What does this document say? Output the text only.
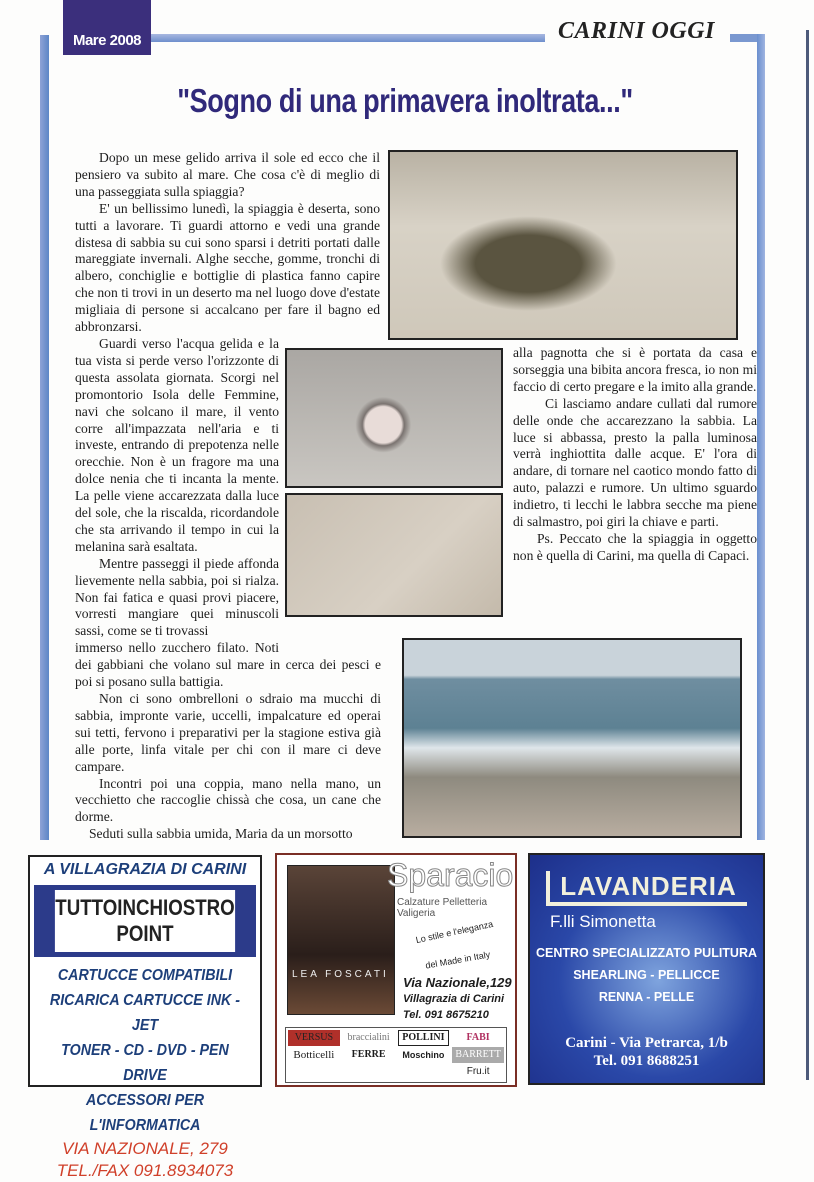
Mare 2008	CARINI OGGI
"Sogno di una primavera inoltrata..."

Dopo un mese gelido arriva il sole ed ecco che il pensiero va subito al mare. Che cosa c'è di meglio di una passeggiata sulla spiaggia?

E' un bellissimo lunedì, la spiaggia è deserta, sono tutti a lavorare. Ti guardi attorno e vedi una grande distesa di sabbia su cui sono sparsi i detriti portati dalle mareggiate invernali. Alghe secche, gomme, tronchi di albero, conchiglie e bottiglie di plastica fanno capire che non ti trovi in un deserto ma nel luogo dove d'estate migliaia di persone si accalcano per fare il bagno ed abbronzarsi.

Guardi verso l'acqua gelida e la tua vista si perde verso l'orizzonte di questa assolata giornata. Scorgi nel promontorio Isola delle Femmine, navi che solcano il mare, il vento corre all'impazzata nell'aria e ti investe, entrando di prepotenza nelle orecchie. Non è un fragore ma una dolce nenia che ti incanta la mente. La pelle viene accarezzata dalla luce del sole, che la riscalda, ricordandole che sta arrivando il tempo in cui la melanina sarà esaltata.

Mentre passeggi il piede affonda lievemente nella sabbia, poi si rialza. Non fai fatica e quasi provi piacere, vorresti mangiare quei minuscoli sassi, come se ti trovassi

immerso nello zucchero filato. Noti dei gabbiani che volano sul mare in cerca dei pesci e poi si posano sulla battigia.

Non ci sono ombrelloni o sdraio ma mucchi di sabbia, impronte varie, uccelli, impalcature ed operai sui tetti, fervono i preparativi per la stagione estiva già alle porte, linfa vitale per chi con il mare ci deve campare.

Incontri poi una coppia, mano nella mano, un vecchietto che raccoglie chissà che cosa, un cane che dorme.

Seduti sulla sabbia umida, Maria da un morsotto

alla pagnotta che si è portata da casa e sorseggia una bibita ancora fresca, io non mi faccio di certo pregare e la imito alla grande.

Ci lasciamo andare cullati dal rumore delle onde che accarezzano la sabbia. La luce si abbassa, presto la palla luminosa verrà inghiottita dalle acque. E' l'ora di andare, di tornare nel caotico mondo fatto di auto, palazzi e rumore. Un ultimo sguardo indietro, ti lecchi le labbra secche ma piene di salmastro, poi giri la chiave e parti.

Ps. Peccato che la spiaggia in oggetto non è quella di Carini, ma quella di Capaci.

A VILLAGRAZIA DI CARINI
TUTTOINCHIOSTRO POINT
CARTUCCE COMPATIBILI
RICARICA CARTUCCE INK - JET
TONER - CD - DVD - PEN DRIVE
ACCESSORI PER L'INFORMATICA
VIA NAZIONALE, 279
TEL./FAX 091.8934073
LEA FOSCATI
Sparacio
Calzature Pelletteria Valigeria
Lo stile e l'eleganza
del Made in Italy
Via Nazionale,129
Villagrazia di Carini
Tel. 091 8675210
VERSUS	braccialini	POLLINI	FABI
Botticelli	FERRE	Moschino	BARRETT
Fru.it
LAVANDERIA
F.lli Simonetta
CENTRO SPECIALIZZATO PULITURA
SHEARLING - PELLICCE
RENNA - PELLE
Carini - Via Petrarca, 1/b
Tel. 091 8688251
